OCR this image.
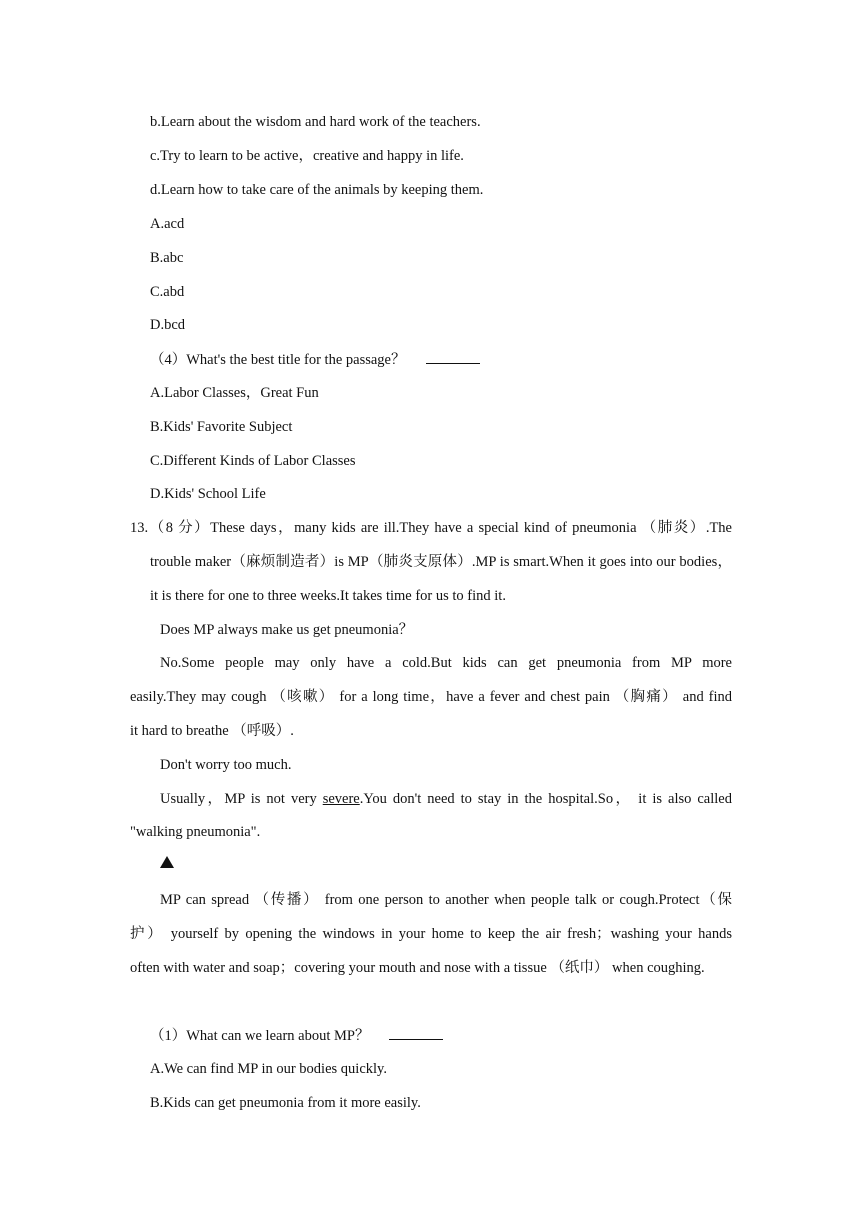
b.Learn about the wisdom and hard work of the teachers.
c.Try to learn to be active，creative and happy in life.
d.Learn how to take care of the animals by keeping them.
A.acd
B.abc
C.abd
D.bcd
（4）What's the best title for the passage？
A.Labor Classes，Great Fun
B.Kids' Favorite Subject
C.Different Kinds of Labor Classes
D.Kids' School Life
13.（8 分）These days，many kids are ill.They have a special kind of pneumonia （肺炎）.The
trouble maker（麻烦制造者）is MP（肺炎支原体）.MP is smart.When it goes into our bodies，
it is there for one to three weeks.It takes time for us to find it.
Does MP always make us get pneumonia？
No.Some people may only have a cold.But kids can get pneumonia from MP more
easily.They may cough （咳嗽） for a long time，have a fever and chest pain （胸痛） and find
it hard to breathe （呼吸）.
Don't worry too much.
Usually，MP is not very severe.You don't need to stay in the hospital.So， it is also called
"walking pneumonia".
MP can spread （传播） from one person to another when people talk or cough.Protect（保
护） yourself by opening the windows in your home to keep the air fresh；washing your hands
often with water and soap；covering your mouth and nose with a tissue （纸巾） when coughing.
（1）What can we learn about MP？
A.We can find MP in our bodies quickly.
B.Kids can get pneumonia from it more easily.
